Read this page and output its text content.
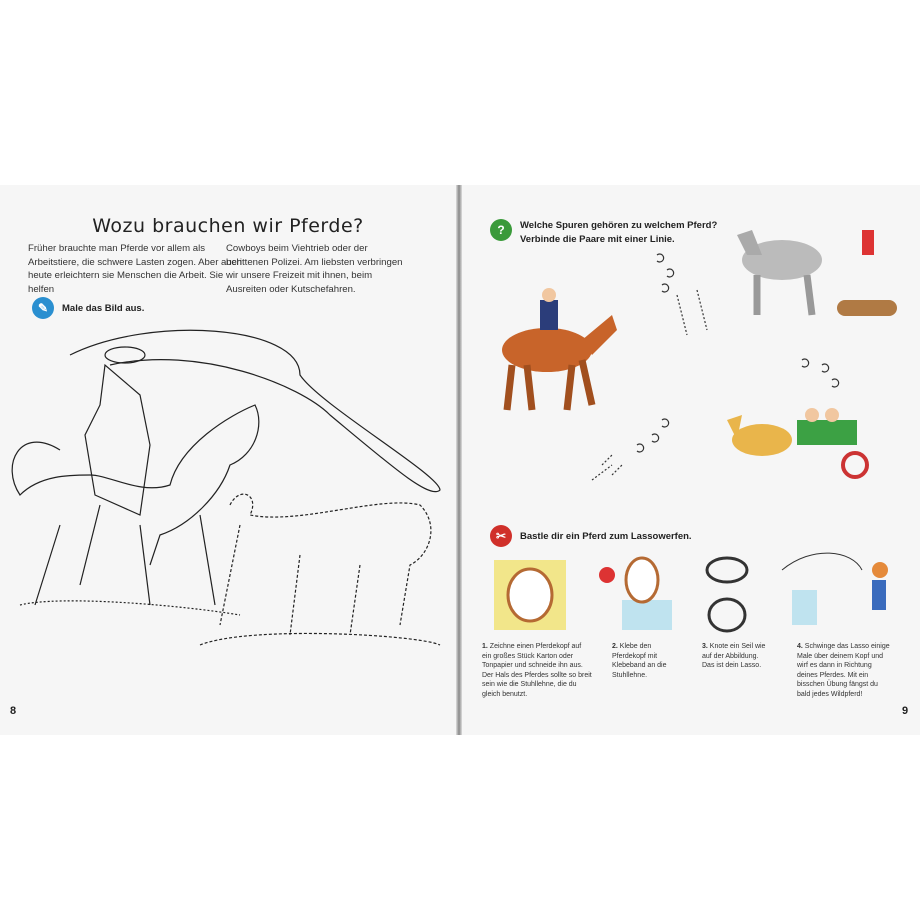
Wozu brauchen wir Pferde?
Früher brauchte man Pferde vor allem als Arbeitstiere, die schwere Lasten zogen. Aber auch heute erleichtern sie Menschen die Arbeit. Sie helfen
Cowboys beim Viehtrieb oder der berittenen Polizei. Am liebsten verbringen wir unsere Freizeit mit ihnen, beim Ausreiten oder Kutschefahren.
✎	Male das Bild aus.
8
?	Welche Spuren gehören zu welchem Pferd?
Verbinde die Paare mit einer Linie.
✂	Bastle dir ein Pferd zum Lassowerfen.
1. Zeichne einen Pferdekopf auf ein großes Stück Karton oder Tonpapier und schneide ihn aus. Der Hals des Pferdes sollte so breit sein wie die Stuhllehne, die du gleich benutzt.
2. Klebe den Pferdekopf mit Klebeband an die Stuhllehne.
3. Knote ein Seil wie auf der Abbildung. Das ist dein Lasso.
4. Schwinge das Lasso einige Male über deinem Kopf und wirf es dann in Richtung deines Pferdes. Mit ein bisschen Übung fängst du bald jedes Wildpferd!
9
